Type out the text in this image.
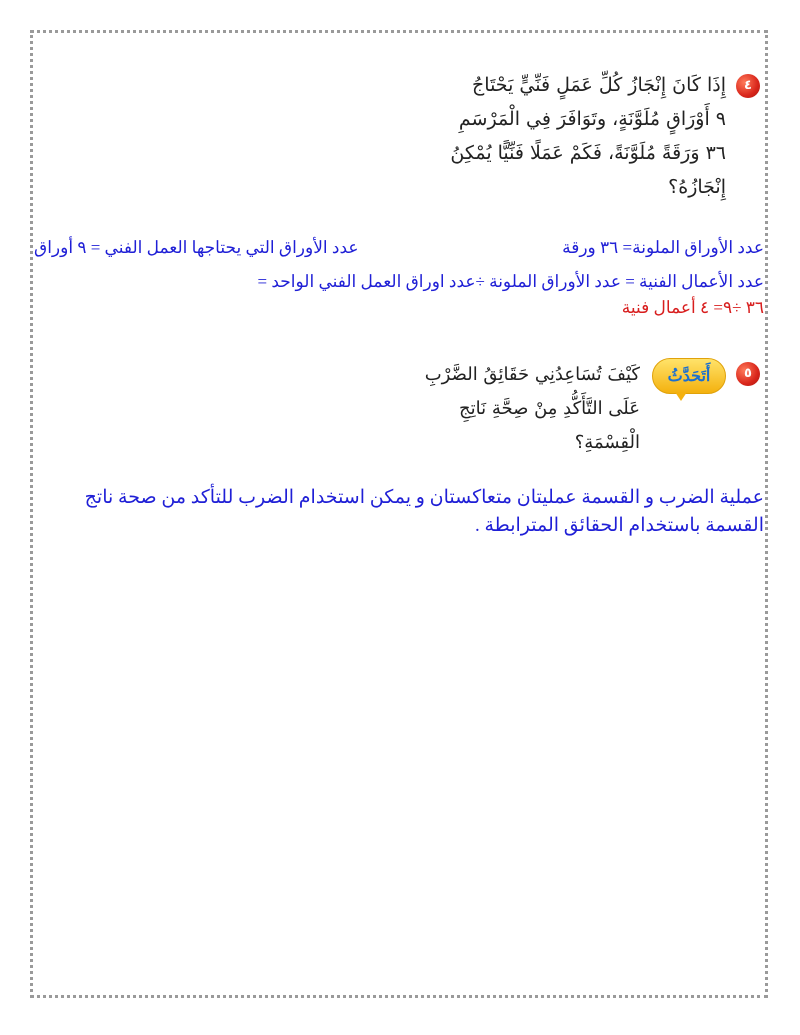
٤
إِذَا كَانَ إِنْجَازُ كُلِّ عَمَلٍ فَنِّيٍّ يَحْتَاجُ
٩ أَوْرَاقٍ مُلَوَّنَةٍ، وتَوَافَرَ فِي الْمَرْسَمِ
٣٦ وَرَقَةً مُلَوَّنَةً، فَكَمْ عَمَلًا فَنِّيًّا يُمْكِنُ
إِنْجَازُهُ؟
عدد الأوراق الملونة= ٣٦ ورقة
عدد الأوراق التي يحتاجها العمل الفني = ٩ أوراق
عدد الأعمال الفنية = عدد الأوراق الملونة ÷عدد اوراق العمل الفني الواحد =
٣٦ ÷٩= ٤ أعمال فنية
٥
أَتَحَدَّثُ
كَيْفَ تُسَاعِدُنِي حَقَائِقُ الضَّرْبِ
عَلَى التَّأَكُّدِ مِنْ صِحَّةِ نَاتِجِ
الْقِسْمَةِ؟
عملية الضرب و القسمة عمليتان متعاكستان و يمكن استخدام الضرب للتأكد من صحة ناتج القسمة باستخدام الحقائق المترابطة .
